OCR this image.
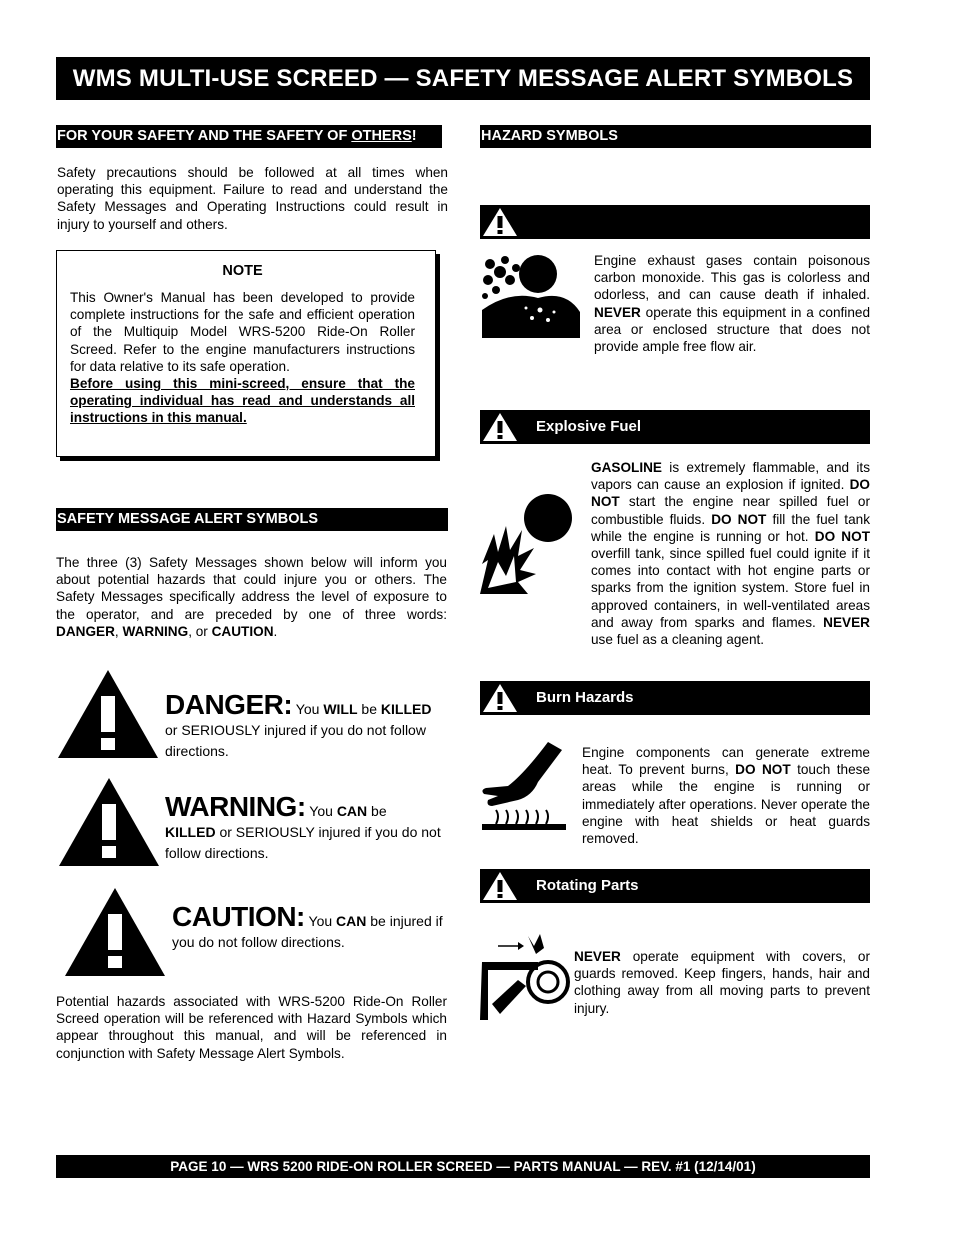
WMS MULTI-USE SCREED — SAFETY MESSAGE ALERT SYMBOLS
FOR YOUR SAFETY AND THE SAFETY OF OTHERS!
Safety precautions should be followed at all times when operating this equipment. Failure to read and understand the Safety Messages and Operating Instructions could result in injury to yourself and others.
NOTE
This Owner's Manual has been developed to provide complete instructions for the safe and efficient operation of the Multiquip Model WRS-5200 Ride-On Roller Screed. Refer to the engine manufacturers instructions for data relative to its safe operation.
Before using this mini-screed, ensure that the operating individual has read and understands all instructions in this manual.
SAFETY MESSAGE ALERT SYMBOLS
The three (3) Safety Messages shown below will inform you about potential hazards that could injure you or others. The Safety Messages specifically address the level of exposure to the operator, and are preceded by one of three words: DANGER, WARNING, or CAUTION.
DANGER: You WILL be KILLED or SERIOUSLY injured if you do not follow directions.
WARNING: You CAN be KILLED or SERIOUSLY injured if you do not follow directions.
CAUTION: You CAN be injured if you do not follow directions.
Potential hazards associated with WRS-5200 Ride-On Roller Screed operation will be referenced with Hazard Symbols which appear throughout this manual, and will be referenced in conjunction with Safety Message Alert Symbols.
HAZARD SYMBOLS
Engine exhaust gases contain poisonous carbon monoxide. This gas is colorless and odorless, and can cause death if inhaled. NEVER operate this equipment in a confined area or enclosed structure that does not provide ample free flow air.
Explosive Fuel
GASOLINE is extremely flammable, and its vapors can cause an explosion if ignited. DO NOT start the engine near spilled fuel or combustible fluids. DO NOT fill the fuel tank while the engine is running or hot. DO NOT overfill tank, since spilled fuel could ignite if it comes into contact with hot engine parts or sparks from the ignition system. Store fuel in approved containers, in well-ventilated areas and away from sparks and flames. NEVER use fuel as a cleaning agent.
Burn Hazards
Engine components can generate extreme heat. To prevent burns, DO NOT touch these areas while the engine is running or immediately after operations. Never operate the engine with heat shields or heat guards removed.
Rotating Parts
NEVER operate equipment with covers, or guards removed. Keep fingers, hands, hair and clothing away from all moving parts to prevent injury.
PAGE 10 — WRS 5200 RIDE-ON ROLLER SCREED — PARTS MANUAL — REV. #1 (12/14/01)
